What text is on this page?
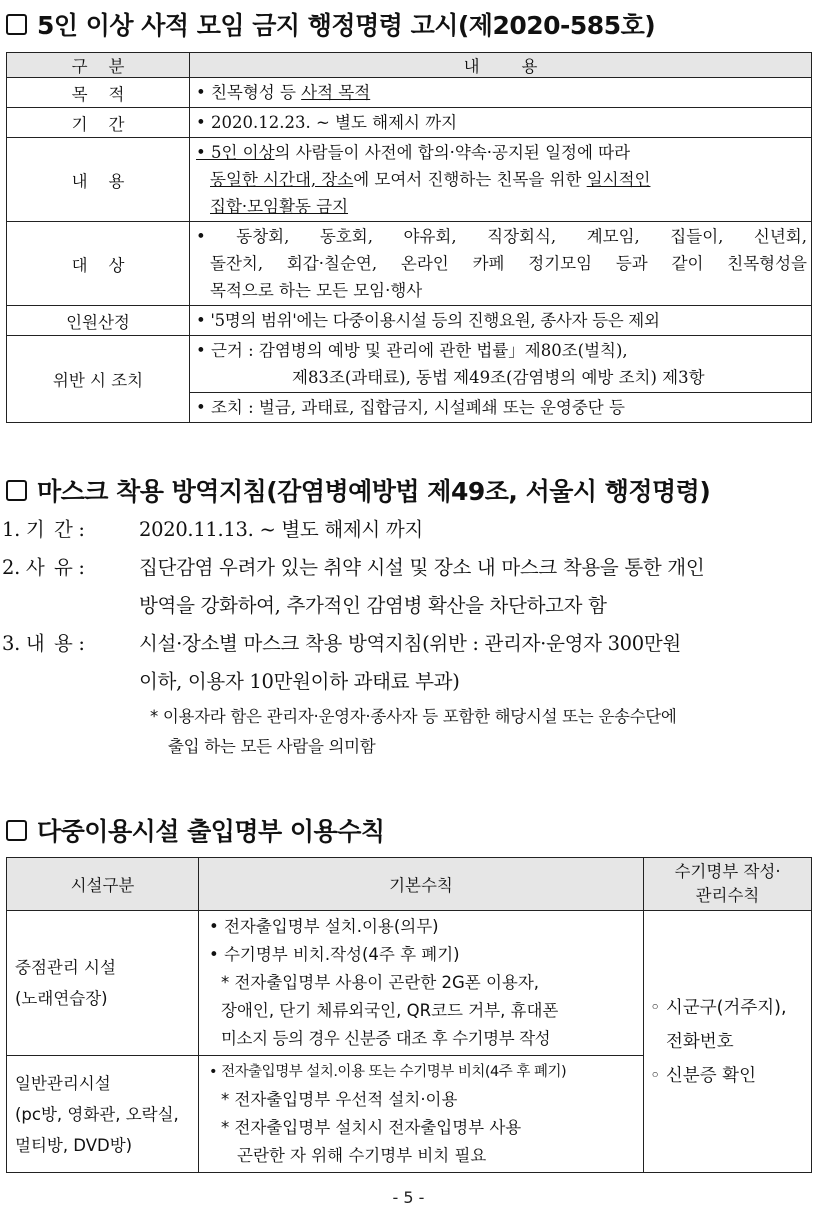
5인 이상 사적 모임 금지 행정명령 고시(제2020-585호)
구    분	내        용
목    적	• 친목형성 등 사적 목적
기    간	• 2020.12.23. ~ 별도 해제시 까지
내    용	• 5인 이상의 사람들이 사전에 합의·약속·공지된 일정에 따라
동일한 시간대, 장소에 모여서 진행하는 친목을 위한 일시적인
집합·모임활동 금지

대    상	• 동창회, 동호회, 야유회, 직장회식, 계모임, 집들이, 신년회,
돌잔치, 회갑·칠순연, 온라인 카페 정기모임 등과 같이 친목형성을
목적으로 하는 모든 모임·행사

인원산정	• '5명의 범위'에는 다중이용시설 등의 진행요원, 종사자 등은 제외
위반 시 조치	• 근거 : 감염병의 예방 및 관리에 관한 법률」제80조(벌칙),
제83조(과태료), 동법 제49조(감염병의 예방 조치) 제3항

	• 조치 : 벌금, 과태료, 집합금지, 시설폐쇄 또는 운영중단 등
마스크 착용 방역지침(감염병예방법 제49조, 서울시 행정명령)
1. 기 간 :	2020.11.13. ~ 별도 해제시 까지
2. 사 유 :	집단감염 우려가 있는 취약 시설 및 장소 내 마스크 착용을 통한 개인
방역을 강화하여, 추가적인 감염병 확산을 차단하고자 함
3. 내 용 :	시설·장소별 마스크 착용 방역지침(위반 : 관리자·운영자 300만원
이하, 이용자 10만원이하 과태료 부과)
* 이용자라 함은 관리자·운영자·종사자 등 포함한 해당시설 또는 운송수단에
출입 하는 모든 사람을 의미함
다중이용시설 출입명부 이용수칙
시설구분	기본수칙	수기명부 작성·
관리수칙

중점관리 시설
(노래연습장)	• 전자출입명부 설치.이용(의무)
• 수기명부 비치.작성(4주 후 폐기)
* 전자출입명부 사용이 곤란한 2G폰 이용자,
장애인, 단기 체류외국인, QR코드 거부, 휴대폰
미소지 등의 경우 신분증 대조 후 수기명부 작성	◦ 시군구(거주지),
전화번호
◦ 신분증 확인

일반관리시설
(pc방, 영화관, 오락실,
멀티방, DVD방)	• 전자출입명부 설치.이용 또는 수기명부 비치(4주 후 폐기)
* 전자출입명부 우선적 설치·이용
* 전자출입명부 설치시 전자출입명부 사용
곤란한 자 위해 수기명부 비치 필요	
- 5 -
